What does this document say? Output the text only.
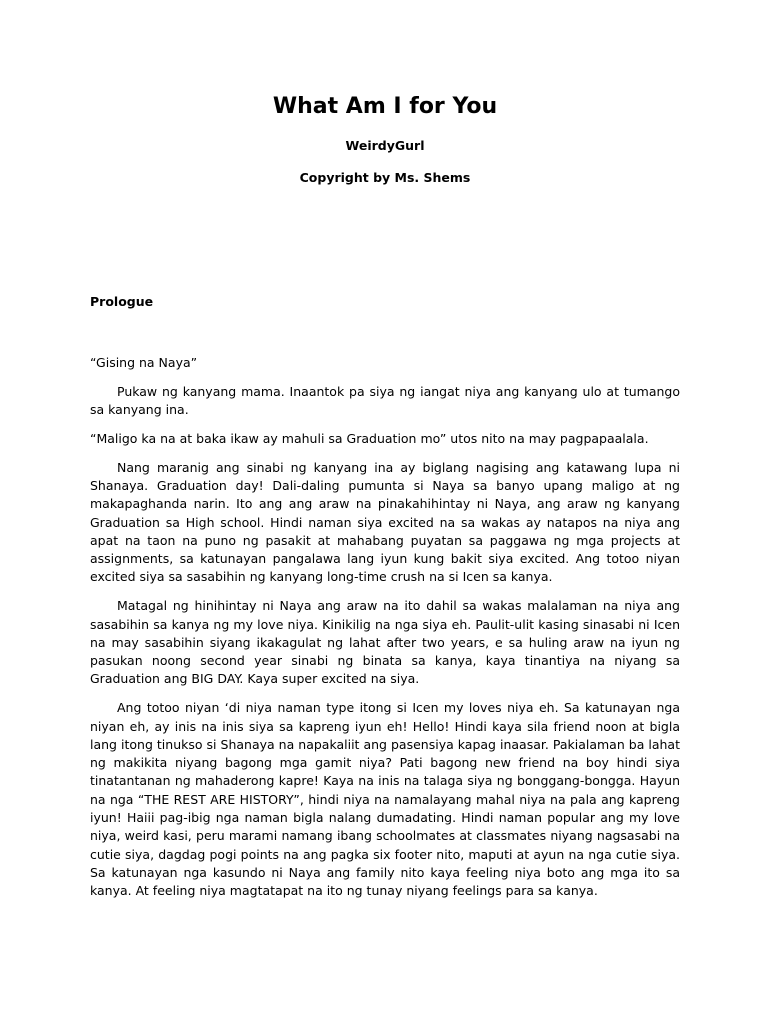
What Am I for You

WeirdyGurl

Copyright by Ms. Shems

Prologue

“Gising na Naya”

Pukaw ng kanyang mama. Inaantok pa siya ng iangat niya ang kanyang ulo at tumango sa kanyang ina.

“Maligo ka na at baka ikaw ay mahuli sa Graduation mo” utos nito na may pagpapaalala.

Nang maranig ang sinabi ng kanyang ina ay biglang nagising ang katawang lupa ni Shanaya. Graduation day! Dali-daling pumunta si Naya sa banyo upang maligo at ng makapaghanda narin. Ito ang ang araw na pinakahihintay ni Naya, ang araw ng kanyang Graduation sa High school. Hindi naman siya excited na sa wakas ay natapos na niya ang apat na taon na puno ng pasakit at mahabang puyatan sa paggawa ng mga projects at assignments, sa katunayan pangalawa lang iyun kung bakit siya excited. Ang totoo niyan excited siya sa sasabihin ng kanyang long-time crush na si Icen sa kanya.

Matagal ng hinihintay ni Naya ang araw na ito dahil sa wakas malalaman na niya ang sasabihin sa kanya ng my love niya. Kinikilig na nga siya eh. Paulit-ulit kasing sinasabi ni Icen na may sasabihin siyang ikakagulat ng lahat after two years, e sa huling araw na iyun ng pasukan noong second year sinabi ng binata sa kanya, kaya tinantiya na niyang sa Graduation ang BIG DAY. Kaya super excited na siya.

Ang totoo niyan ‘di niya naman type itong si Icen my loves niya eh. Sa katunayan nga niyan eh, ay inis na inis siya sa kapreng iyun eh! Hello! Hindi kaya sila friend noon at bigla lang itong tinukso si Shanaya na napakaliit ang pasensiya kapag inaasar. Pakialaman ba lahat ng makikita niyang bagong mga gamit niya? Pati bagong new friend na boy hindi siya tinatantanan ng mahaderong kapre! Kaya na inis na talaga siya ng bonggang-bongga. Hayun na nga “THE REST ARE HISTORY”, hindi niya na namalayang mahal niya na pala ang kapreng iyun! Haiii pag-ibig nga naman bigla nalang dumadating. Hindi naman popular ang my love niya, weird kasi, peru marami namang ibang schoolmates at classmates niyang nagsasabi na cutie siya, dagdag pogi points na ang pagka six footer nito, maputi at ayun na nga cutie siya. Sa katunayan nga kasundo ni Naya ang family nito kaya feeling niya boto ang mga ito sa kanya. At feeling niya magtatapat na ito ng tunay niyang feelings para sa kanya.
